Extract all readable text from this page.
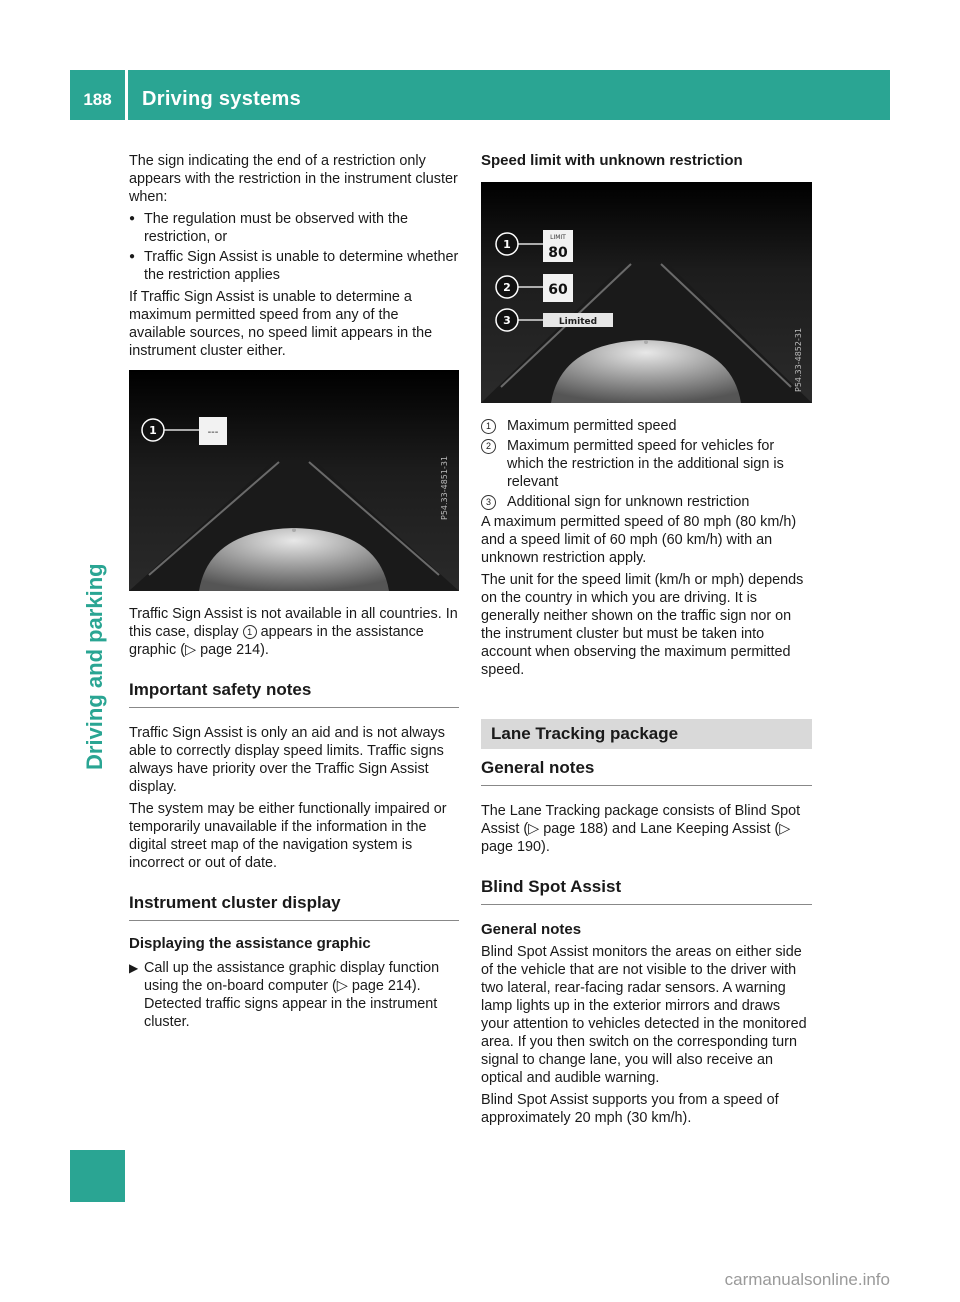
188	Driving systems
Driving and parking

The sign indicating the end of a restriction only appears with the restriction in the instrument cluster when:

● The regulation must be observed with the restriction, or
● Traffic Sign Assist is unable to determine whether the restriction applies

If Traffic Sign Assist is unable to determine a maximum permitted speed from any of the available sources, no speed limit appears in the instrument cluster either.

P54.33-4851-31
1	---

Traffic Sign Assist is not available in all countries. In this case, display 1 appears in the assistance graphic (▷ page 214).

Important safety notes

Traffic Sign Assist is only an aid and is not always able to correctly display speed limits. Traffic signs always have priority over the Traffic Sign Assist display.

The system may be either functionally impaired or temporarily unavailable if the information in the digital street map of the navigation system is incorrect or out of date.

Instrument cluster display
Displaying the assistance graphic
▶ Call up the assistance graphic display function using the on-board computer (▷ page 214).
Detected traffic signs appear in the instrument cluster.
Speed limit with unknown restriction
1
2
3
LIMIT
80
60
Limited
P54.33-4852-31
1	Maximum permitted speed
2	Maximum permitted speed for vehicles for which the restriction in the additional sign is relevant
3	Additional sign for unknown restriction

A maximum permitted speed of 80 mph (80 km/h) and a speed limit of 60 mph (60 km/h) with an unknown restriction apply.

The unit for the speed limit (km/h or mph) depends on the country in which you are driving. It is generally neither shown on the traffic sign nor on the instrument cluster but must be taken into account when observing the maximum permitted speed.

Lane Tracking package
General notes

The Lane Tracking package consists of Blind Spot Assist (▷ page 188) and Lane Keeping Assist (▷ page 190).

Blind Spot Assist
General notes

Blind Spot Assist monitors the areas on either side of the vehicle that are not visible to the driver with two lateral, rear-facing radar sensors. A warning lamp lights up in the exterior mirrors and draws your attention to vehicles detected in the monitored area. If you then switch on the corresponding turn signal to change lane, you will also receive an optical and audible warning.

Blind Spot Assist supports you from a speed of approximately 20 mph (30 km/h).

carmanualsonline.info
